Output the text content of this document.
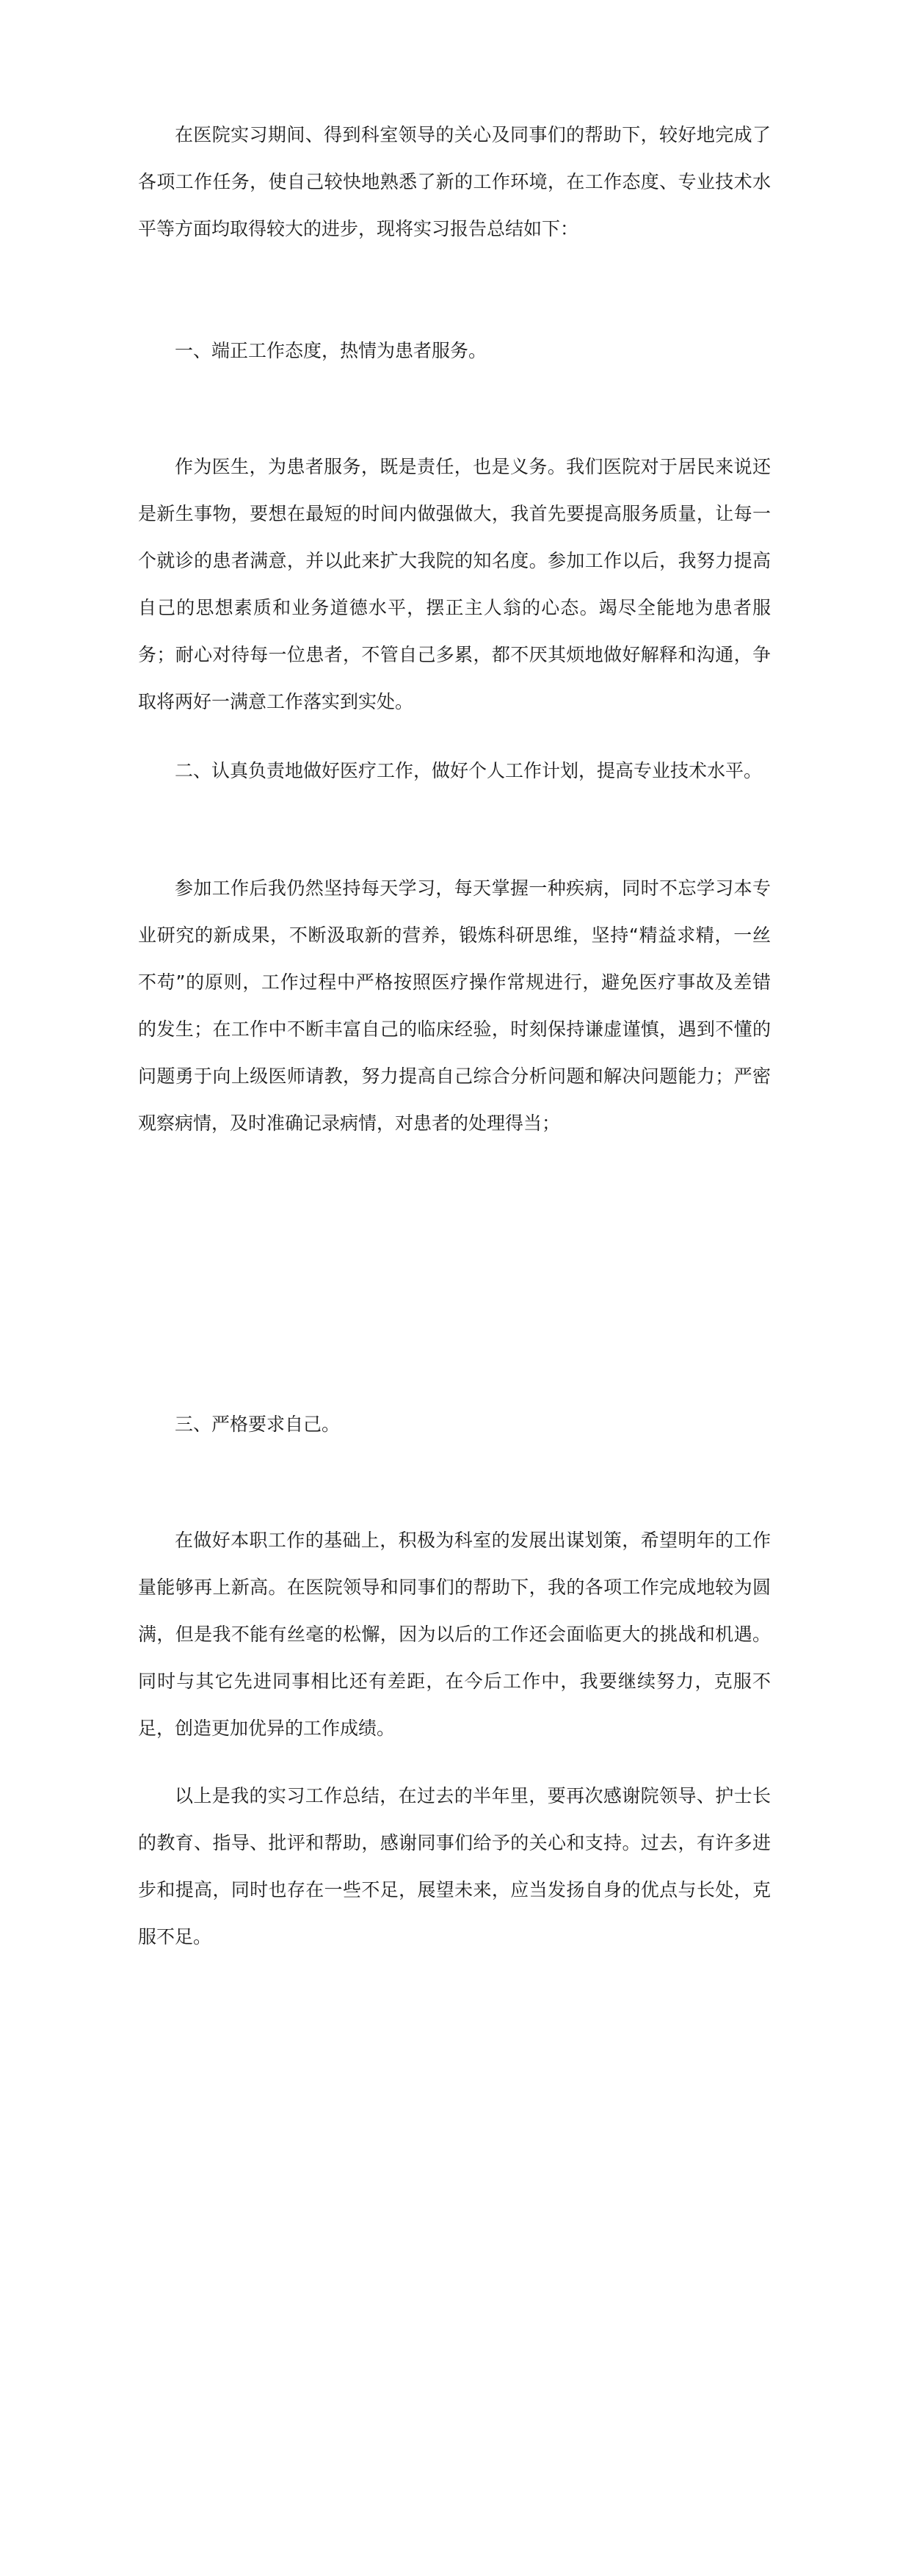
在医院实习期间、得到科室领导的关心及同事们的帮助下，较好地完成了各项工作任务，使自己较快地熟悉了新的工作环境，在工作态度、专业技术水平等方面均取得较大的进步，现将实习报告总结如下：

一、端正工作态度，热情为患者服务。

作为医生，为患者服务，既是责任，也是义务。我们医院对于居民来说还是新生事物，要想在最短的时间内做强做大，我首先要提高服务质量，让每一个就诊的患者满意，并以此来扩大我院的知名度。参加工作以后，我努力提高自己的思想素质和业务道德水平，摆正主人翁的心态。竭尽全能地为患者服务；耐心对待每一位患者，不管自己多累，都不厌其烦地做好解释和沟通，争取将两好一满意工作落实到实处。

二、认真负责地做好医疗工作，做好个人工作计划，提高专业技术水平。

参加工作后我仍然坚持每天学习，每天掌握一种疾病，同时不忘学习本专业研究的新成果，不断汲取新的营养，锻炼科研思维，坚持“精益求精，一丝不苟”的原则，工作过程中严格按照医疗操作常规进行，避免医疗事故及差错的发生；在工作中不断丰富自己的临床经验，时刻保持谦虚谨慎，遇到不懂的问题勇于向上级医师请教，努力提高自己综合分析问题和解决问题能力；严密观察病情，及时准确记录病情，对患者的处理得当；

三、严格要求自己。

在做好本职工作的基础上，积极为科室的发展出谋划策，希望明年的工作量能够再上新高。在医院领导和同事们的帮助下，我的各项工作完成地较为圆满，但是我不能有丝毫的松懈，因为以后的工作还会面临更大的挑战和机遇。同时与其它先进同事相比还有差距，在今后工作中，我要继续努力，克服不足，创造更加优异的工作成绩。

以上是我的实习工作总结，在过去的半年里，要再次感谢院领导、护士长的教育、指导、批评和帮助，感谢同事们给予的关心和支持。过去，有许多进步和提高，同时也存在一些不足，展望未来，应当发扬自身的优点与长处，克服不足。
